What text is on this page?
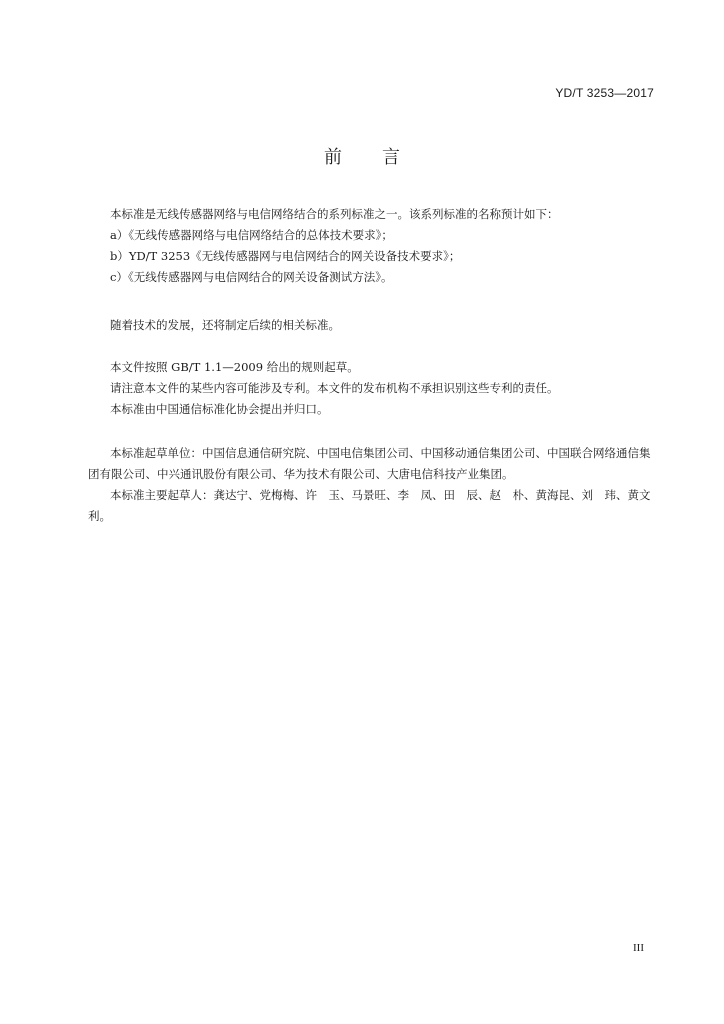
YD/T 3253—2017
前言

本标准是无线传感器网络与电信网络结合的系列标准之一。该系列标准的名称预计如下：

a）《无线传感器网络与电信网络结合的总体技术要求》；

b）YD/T 3253《无线传感器网与电信网结合的网关设备技术要求》；

c）《无线传感器网与电信网结合的网关设备测试方法》。

随着技术的发展，还将制定后续的相关标准。

本文件按照 GB/T 1.1—2009 给出的规则起草。

请注意本文件的某些内容可能涉及专利。本文件的发布机构不承担识别这些专利的责任。

本标准由中国通信标准化协会提出并归口。

本标准起草单位：中国信息通信研究院、中国电信集团公司、中国移动通信集团公司、中国联合网络通信集团有限公司、中兴通讯股份有限公司、华为技术有限公司、大唐电信科技产业集团。

本标准主要起草人：龚达宁、党梅梅、许　玉、马景旺、李　凤、田　辰、赵　朴、黄海昆、刘　玮、黄文利。

III
